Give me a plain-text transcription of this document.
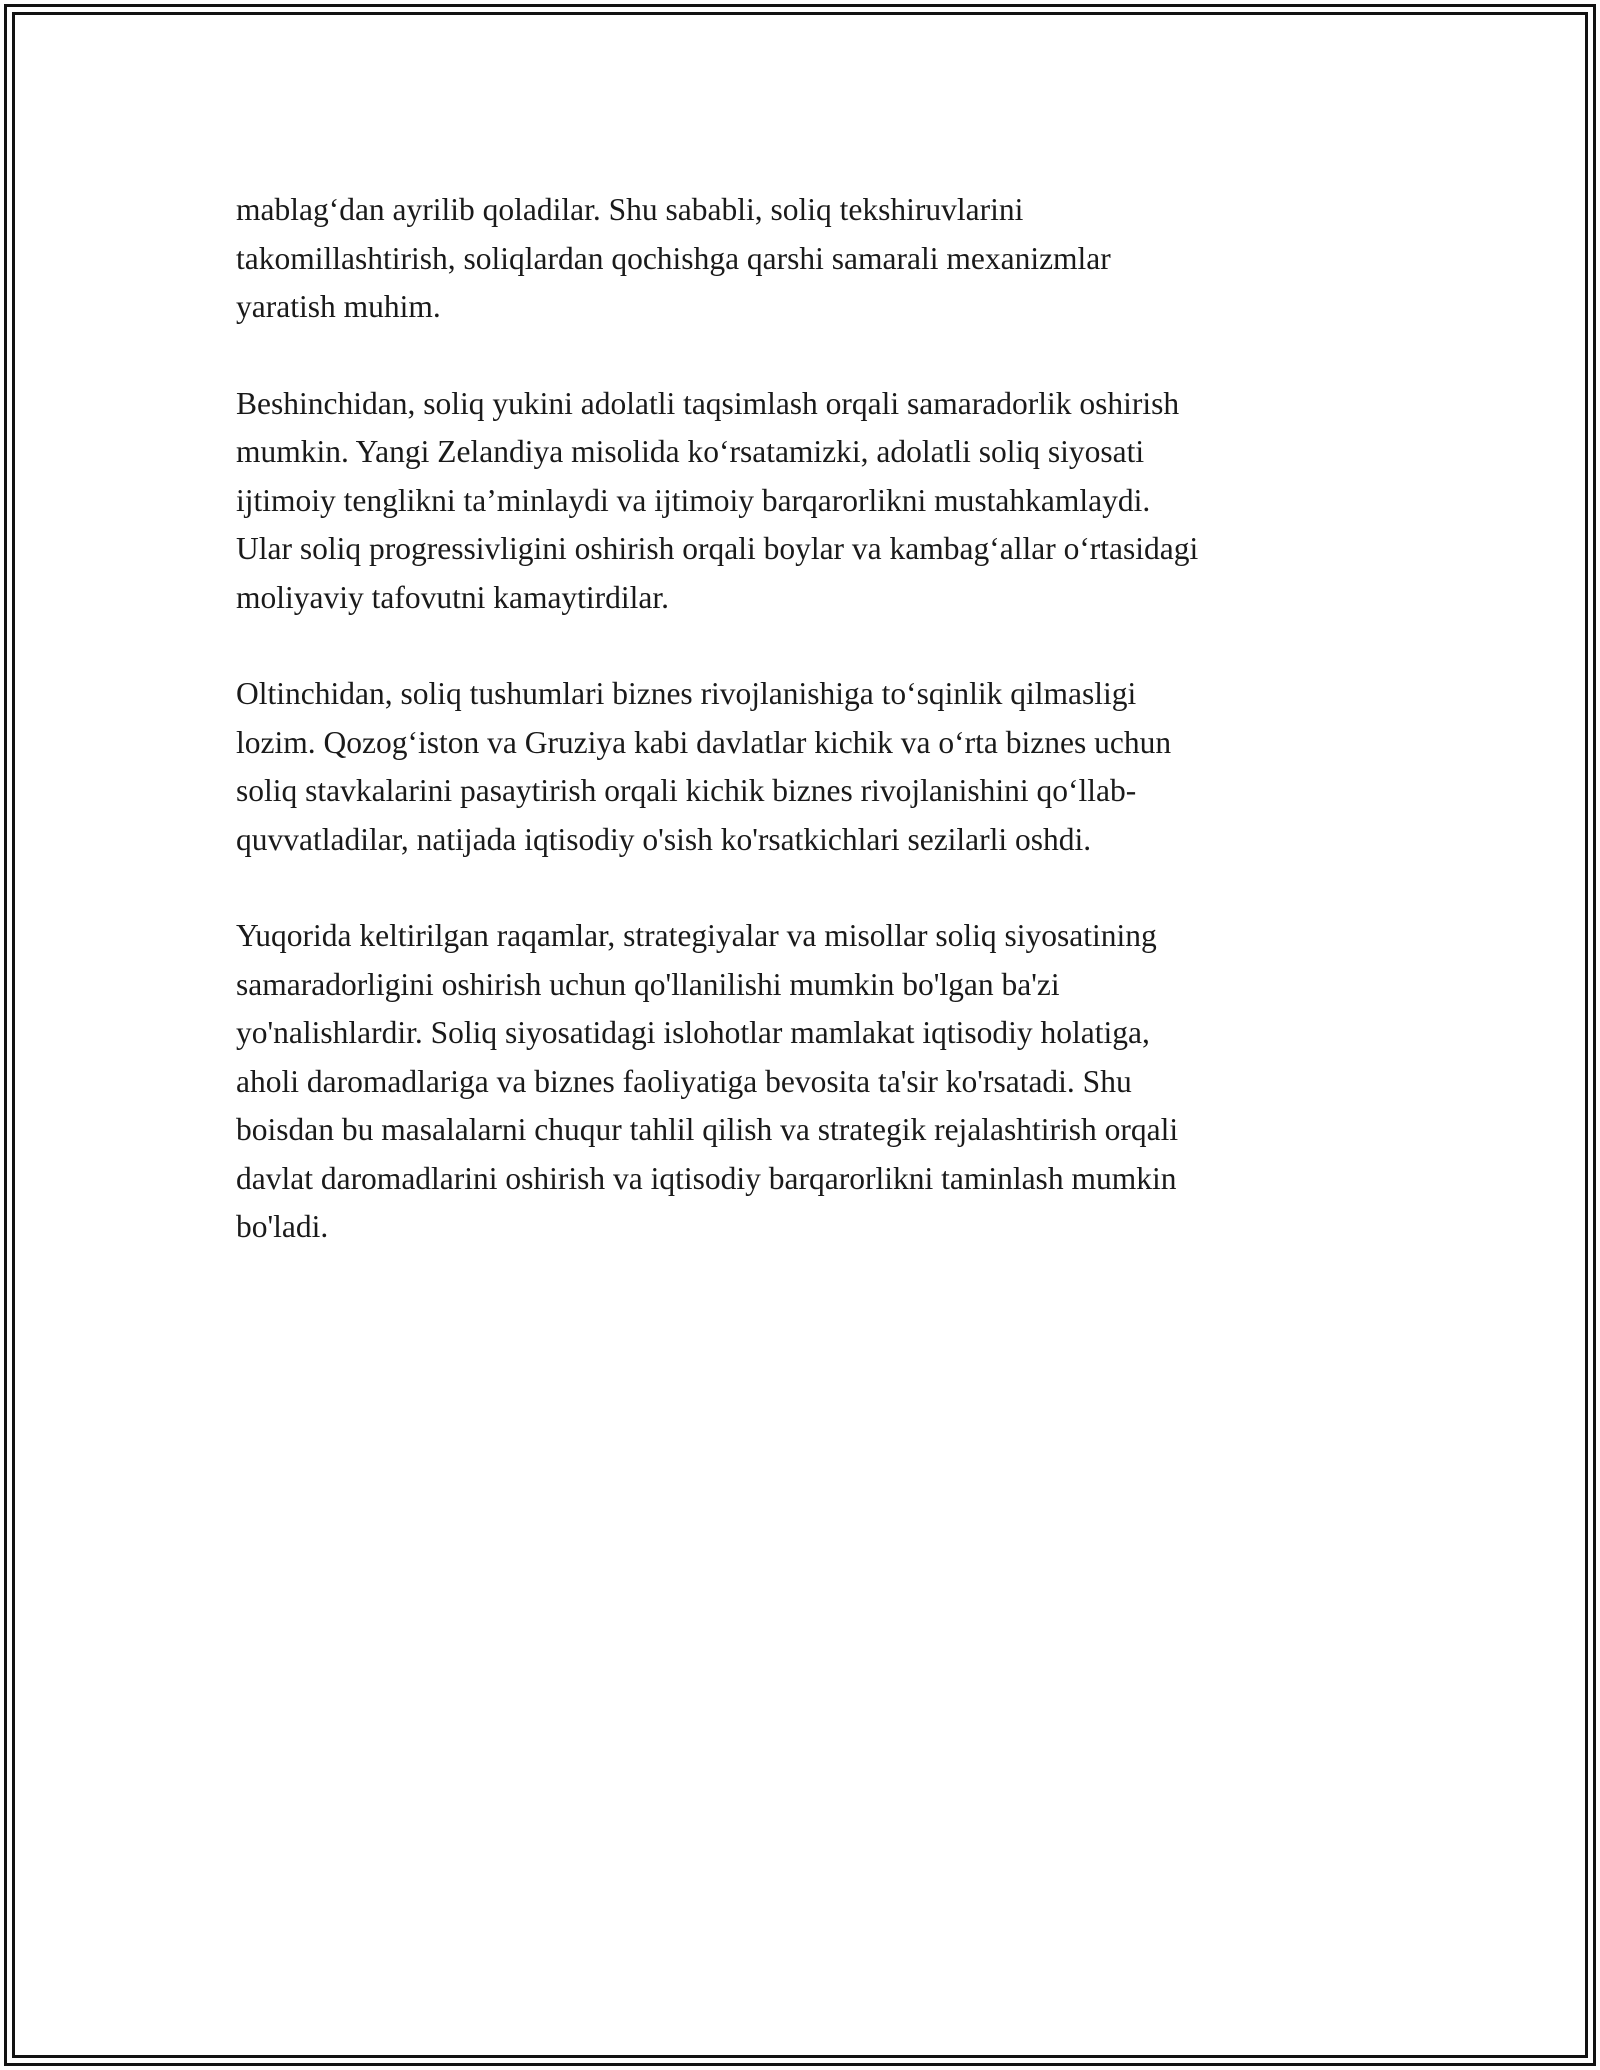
mablag‘dan ayrilib qoladilar. Shu sababli, soliq tekshiruvlarini
takomillashtirish, soliqlardan qochishga qarshi samarali mexanizmlar
yaratish muhim.

Beshinchidan, soliq yukini adolatli taqsimlash orqali samaradorlik oshirish
mumkin. Yangi Zelandiya misolida ko‘rsatamizki, adolatli soliq siyosati
ijtimoiy tenglikni ta’minlaydi va ijtimoiy barqarorlikni mustahkamlaydi.
Ular soliq progressivligini oshirish orqali boylar va kambag‘allar o‘rtasidagi
moliyaviy tafovutni kamaytirdilar.

Oltinchidan, soliq tushumlari biznes rivojlanishiga to‘sqinlik qilmasligi
lozim. Qozog‘iston va Gruziya kabi davlatlar kichik va o‘rta biznes uchun
soliq stavkalarini pasaytirish orqali kichik biznes rivojlanishini qo‘llab-
quvvatladilar, natijada iqtisodiy o'sish ko'rsatkichlari sezilarli oshdi.

Yuqorida keltirilgan raqamlar, strategiyalar va misollar soliq siyosatining
samaradorligini oshirish uchun qo'llanilishi mumkin bo'lgan ba'zi
yo'nalishlardir. Soliq siyosatidagi islohotlar mamlakat iqtisodiy holatiga,
aholi daromadlariga va biznes faoliyatiga bevosita ta'sir ko'rsatadi. Shu
boisdan bu masalalarni chuqur tahlil qilish va strategik rejalashtirish orqali
davlat daromadlarini oshirish va iqtisodiy barqarorlikni taminlash mumkin
bo'ladi.
